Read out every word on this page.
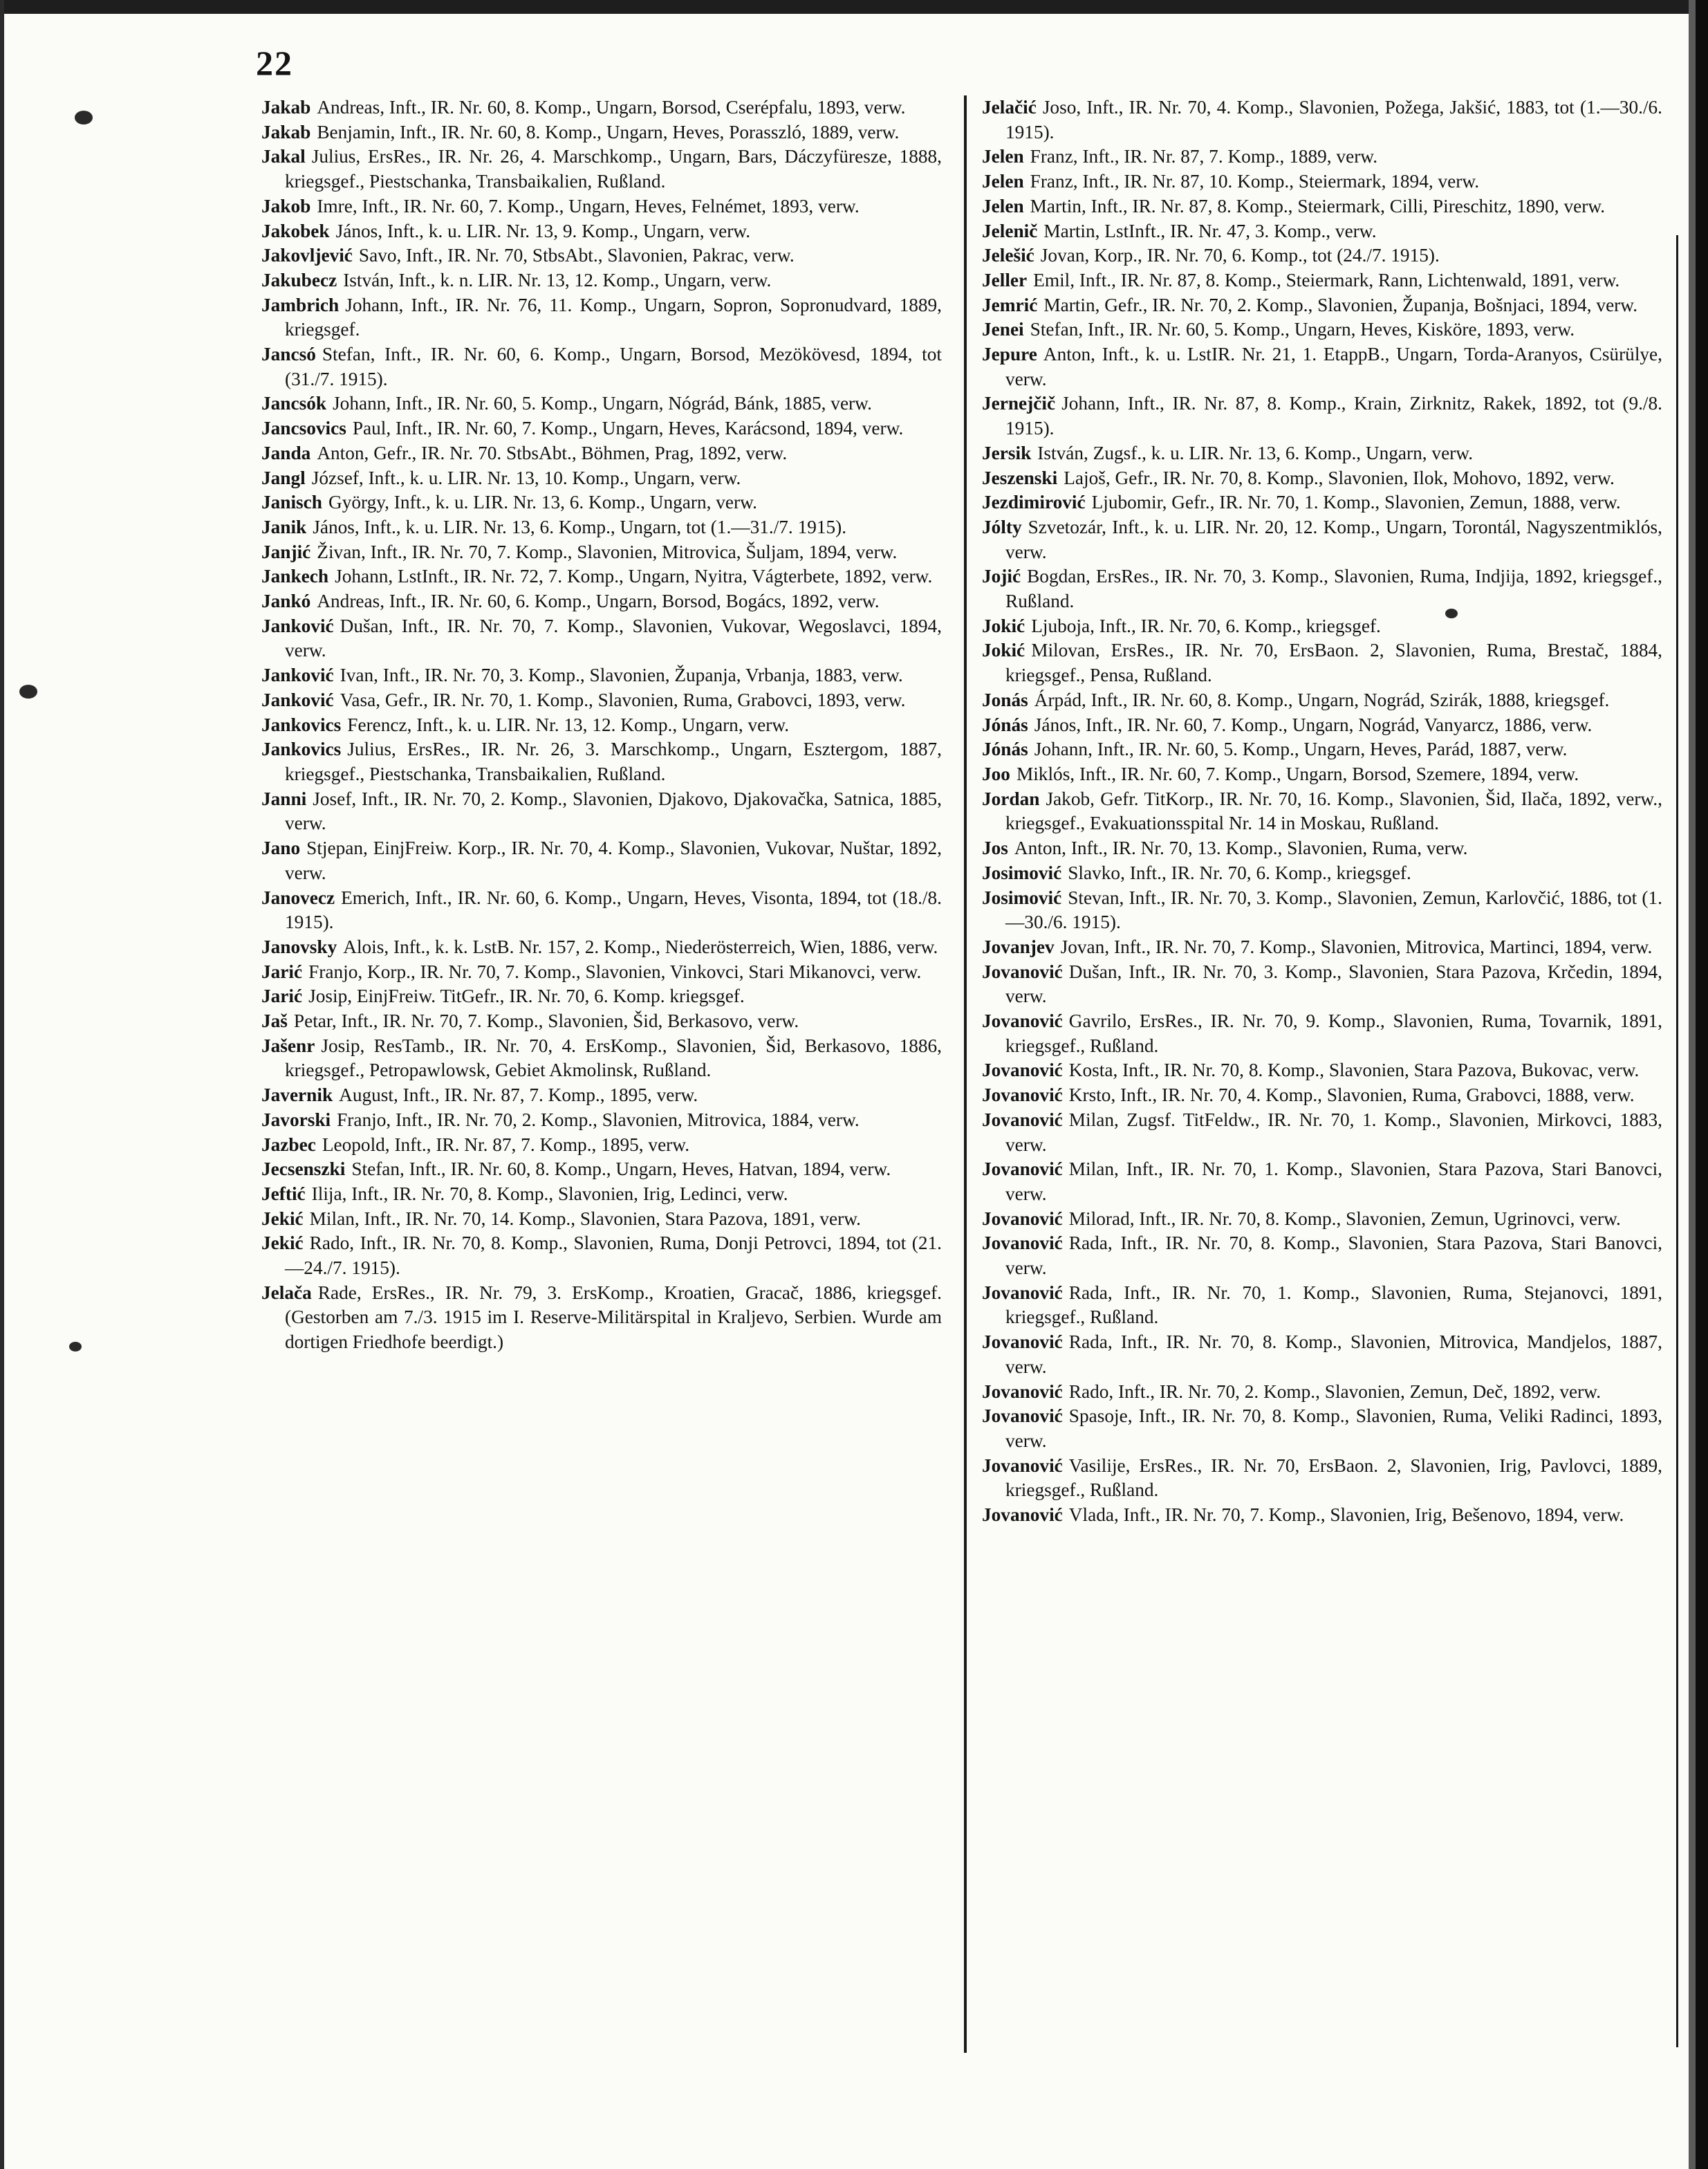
22
Jakab Andreas, Inft., IR. Nr. 60, 8. Komp., Ungarn, Borsod, Cserépfalu, 1893, verw.
Jakab Benjamin, Inft., IR. Nr. 60, 8. Komp., Ungarn, Heves, Porasszló, 1889, verw.
Jakal Julius, ErsRes., IR. Nr. 26, 4. Marschkomp., Ungarn, Bars, Dáczyfüresze, 1888, kriegsgef., Piestschanka, Transbaikalien, Rußland.
Jakob Imre, Inft., IR. Nr. 60, 7. Komp., Ungarn, Heves, Felnémet, 1893, verw.
Jakobek János, Inft., k. u. LIR. Nr. 13, 9. Komp., Ungarn, verw.
Jakovljević Savo, Inft., IR. Nr. 70, StbsAbt., Slavonien, Pakrac, verw.
Jakubecz István, Inft., k. n. LIR. Nr. 13, 12. Komp., Ungarn, verw.
Jambrich Johann, Inft., IR. Nr. 76, 11. Komp., Ungarn, Sopron, Sopronudvard, 1889, kriegsgef.
Jancsó Stefan, Inft., IR. Nr. 60, 6. Komp., Ungarn, Borsod, Mezökövesd, 1894, tot (31./7. 1915).
Jancsók Johann, Inft., IR. Nr. 60, 5. Komp., Ungarn, Nógrád, Bánk, 1885, verw.
Jancsovics Paul, Inft., IR. Nr. 60, 7. Komp., Ungarn, Heves, Karácsond, 1894, verw.
Janda Anton, Gefr., IR. Nr. 70. StbsAbt., Böhmen, Prag, 1892, verw.
Jangl József, Inft., k. u. LIR. Nr. 13, 10. Komp., Ungarn, verw.
Janisch György, Inft., k. u. LIR. Nr. 13, 6. Komp., Ungarn, verw.
Janik János, Inft., k. u. LIR. Nr. 13, 6. Komp., Ungarn, tot (1.—31./7. 1915).
Janjić Živan, Inft., IR. Nr. 70, 7. Komp., Slavonien, Mitrovica, Šuljam, 1894, verw.
Jankech Johann, LstInft., IR. Nr. 72, 7. Komp., Ungarn, Nyitra, Vágterbete, 1892, verw.
Jankó Andreas, Inft., IR. Nr. 60, 6. Komp., Ungarn, Borsod, Bogács, 1892, verw.
Janković Dušan, Inft., IR. Nr. 70, 7. Komp., Slavonien, Vukovar, Wegoslavci, 1894, verw.
Janković Ivan, Inft., IR. Nr. 70, 3. Komp., Slavonien, Županja, Vrbanja, 1883, verw.
Janković Vasa, Gefr., IR. Nr. 70, 1. Komp., Slavonien, Ruma, Grabovci, 1893, verw.
Jankovics Ferencz, Inft., k. u. LIR. Nr. 13, 12. Komp., Ungarn, verw.
Jankovics Julius, ErsRes., IR. Nr. 26, 3. Marschkomp., Ungarn, Esztergom, 1887, kriegsgef., Piestschanka, Transbaikalien, Rußland.
Janni Josef, Inft., IR. Nr. 70, 2. Komp., Slavonien, Djakovo, Djakovačka, Satnica, 1885, verw.
Jano Stjepan, EinjFreiw. Korp., IR. Nr. 70, 4. Komp., Slavonien, Vukovar, Nuštar, 1892, verw.
Janovecz Emerich, Inft., IR. Nr. 60, 6. Komp., Ungarn, Heves, Visonta, 1894, tot (18./8. 1915).
Janovsky Alois, Inft., k. k. LstB. Nr. 157, 2. Komp., Niederösterreich, Wien, 1886, verw.
Jarić Franjo, Korp., IR. Nr. 70, 7. Komp., Slavonien, Vinkovci, Stari Mikanovci, verw.
Jarić Josip, EinjFreiw. TitGefr., IR. Nr. 70, 6. Komp. kriegsgef.
Jaš Petar, Inft., IR. Nr. 70, 7. Komp., Slavonien, Šid, Berkasovo, verw.
Jašenr Josip, ResTamb., IR. Nr. 70, 4. ErsKomp., Slavonien, Šid, Berkasovo, 1886, kriegsgef., Petropawlowsk, Gebiet Akmolinsk, Rußland.
Javernik August, Inft., IR. Nr. 87, 7. Komp., 1895, verw.
Javorski Franjo, Inft., IR. Nr. 70, 2. Komp., Slavonien, Mitrovica, 1884, verw.
Jazbec Leopold, Inft., IR. Nr. 87, 7. Komp., 1895, verw.
Jecsenszki Stefan, Inft., IR. Nr. 60, 8. Komp., Ungarn, Heves, Hatvan, 1894, verw.
Jeftić Ilija, Inft., IR. Nr. 70, 8. Komp., Slavonien, Irig, Ledinci, verw.
Jekić Milan, Inft., IR. Nr. 70, 14. Komp., Slavonien, Stara Pazova, 1891, verw.
Jekić Rado, Inft., IR. Nr. 70, 8. Komp., Slavonien, Ruma, Donji Petrovci, 1894, tot (21.—24./7. 1915).
Jelača Rade, ErsRes., IR. Nr. 79, 3. ErsKomp., Kroatien, Gracač, 1886, kriegsgef. (Gestorben am 7./3. 1915 im I. Reserve-Militärspital in Kraljevo, Serbien. Wurde am dortigen Friedhofe beerdigt.)
Jelačić Joso, Inft., IR. Nr. 70, 4. Komp., Slavonien, Požega, Jakšić, 1883, tot (1.—30./6. 1915).
Jelen Franz, Inft., IR. Nr. 87, 7. Komp., 1889, verw.
Jelen Franz, Inft., IR. Nr. 87, 10. Komp., Steiermark, 1894, verw.
Jelen Martin, Inft., IR. Nr. 87, 8. Komp., Steiermark, Cilli, Pireschitz, 1890, verw.
Jelenič Martin, LstInft., IR. Nr. 47, 3. Komp., verw.
Jelešić Jovan, Korp., IR. Nr. 70, 6. Komp., tot (24./7. 1915).
Jeller Emil, Inft., IR. Nr. 87, 8. Komp., Steiermark, Rann, Lichtenwald, 1891, verw.
Jemrić Martin, Gefr., IR. Nr. 70, 2. Komp., Slavonien, Županja, Bošnjaci, 1894, verw.
Jenei Stefan, Inft., IR. Nr. 60, 5. Komp., Ungarn, Heves, Kisköre, 1893, verw.
Jepure Anton, Inft., k. u. LstIR. Nr. 21, 1. EtappB., Ungarn, Torda-Aranyos, Csürülye, verw.
Jernejčič Johann, Inft., IR. Nr. 87, 8. Komp., Krain, Zirknitz, Rakek, 1892, tot (9./8. 1915).
Jersik István, Zugsf., k. u. LIR. Nr. 13, 6. Komp., Ungarn, verw.
Jeszenski Lajoš, Gefr., IR. Nr. 70, 8. Komp., Slavonien, Ilok, Mohovo, 1892, verw.
Jezdimirović Ljubomir, Gefr., IR. Nr. 70, 1. Komp., Slavonien, Zemun, 1888, verw.
Jólty Szvetozár, Inft., k. u. LIR. Nr. 20, 12. Komp., Ungarn, Torontál, Nagyszentmiklós, verw.
Jojić Bogdan, ErsRes., IR. Nr. 70, 3. Komp., Slavonien, Ruma, Indjija, 1892, kriegsgef., Rußland.
Jokić Ljuboja, Inft., IR. Nr. 70, 6. Komp., kriegsgef.
Jokić Milovan, ErsRes., IR. Nr. 70, ErsBaon. 2, Slavonien, Ruma, Brestač, 1884, kriegsgef., Pensa, Rußland.
Jonás Árpád, Inft., IR. Nr. 60, 8. Komp., Ungarn, Nográd, Szirák, 1888, kriegsgef.
Jónás János, Inft., IR. Nr. 60, 7. Komp., Ungarn, Nográd, Vanyarcz, 1886, verw.
Jónás Johann, Inft., IR. Nr. 60, 5. Komp., Ungarn, Heves, Parád, 1887, verw.
Joo Miklós, Inft., IR. Nr. 60, 7. Komp., Ungarn, Borsod, Szemere, 1894, verw.
Jordan Jakob, Gefr. TitKorp., IR. Nr. 70, 16. Komp., Slavonien, Šid, Ilača, 1892, verw., kriegsgef., Evakuationsspital Nr. 14 in Moskau, Rußland.
Jos Anton, Inft., IR. Nr. 70, 13. Komp., Slavonien, Ruma, verw.
Josimović Slavko, Inft., IR. Nr. 70, 6. Komp., kriegsgef.
Josimović Stevan, Inft., IR. Nr. 70, 3. Komp., Slavonien, Zemun, Karlovčić, 1886, tot (1.—30./6. 1915).
Jovanjev Jovan, Inft., IR. Nr. 70, 7. Komp., Slavonien, Mitrovica, Martinci, 1894, verw.
Jovanović Dušan, Inft., IR. Nr. 70, 3. Komp., Slavonien, Stara Pazova, Krčedin, 1894, verw.
Jovanović Gavrilo, ErsRes., IR. Nr. 70, 9. Komp., Slavonien, Ruma, Tovarnik, 1891, kriegsgef., Rußland.
Jovanović Kosta, Inft., IR. Nr. 70, 8. Komp., Slavonien, Stara Pazova, Bukovac, verw.
Jovanović Krsto, Inft., IR. Nr. 70, 4. Komp., Slavonien, Ruma, Grabovci, 1888, verw.
Jovanović Milan, Zugsf. TitFeldw., IR. Nr. 70, 1. Komp., Slavonien, Mirkovci, 1883, verw.
Jovanović Milan, Inft., IR. Nr. 70, 1. Komp., Slavonien, Stara Pazova, Stari Banovci, verw.
Jovanović Milorad, Inft., IR. Nr. 70, 8. Komp., Slavonien, Zemun, Ugrinovci, verw.
Jovanović Rada, Inft., IR. Nr. 70, 8. Komp., Slavonien, Stara Pazova, Stari Banovci, verw.
Jovanović Rada, Inft., IR. Nr. 70, 1. Komp., Slavonien, Ruma, Stejanovci, 1891, kriegsgef., Rußland.
Jovanović Rada, Inft., IR. Nr. 70, 8. Komp., Slavonien, Mitrovica, Mandjelos, 1887, verw.
Jovanović Rado, Inft., IR. Nr. 70, 2. Komp., Slavonien, Zemun, Deč, 1892, verw.
Jovanović Spasoje, Inft., IR. Nr. 70, 8. Komp., Slavonien, Ruma, Veliki Radinci, 1893, verw.
Jovanović Vasilije, ErsRes., IR. Nr. 70, ErsBaon. 2, Slavonien, Irig, Pavlovci, 1889, kriegsgef., Rußland.
Jovanović Vlada, Inft., IR. Nr. 70, 7. Komp., Slavonien, Irig, Bešenovo, 1894, verw.
